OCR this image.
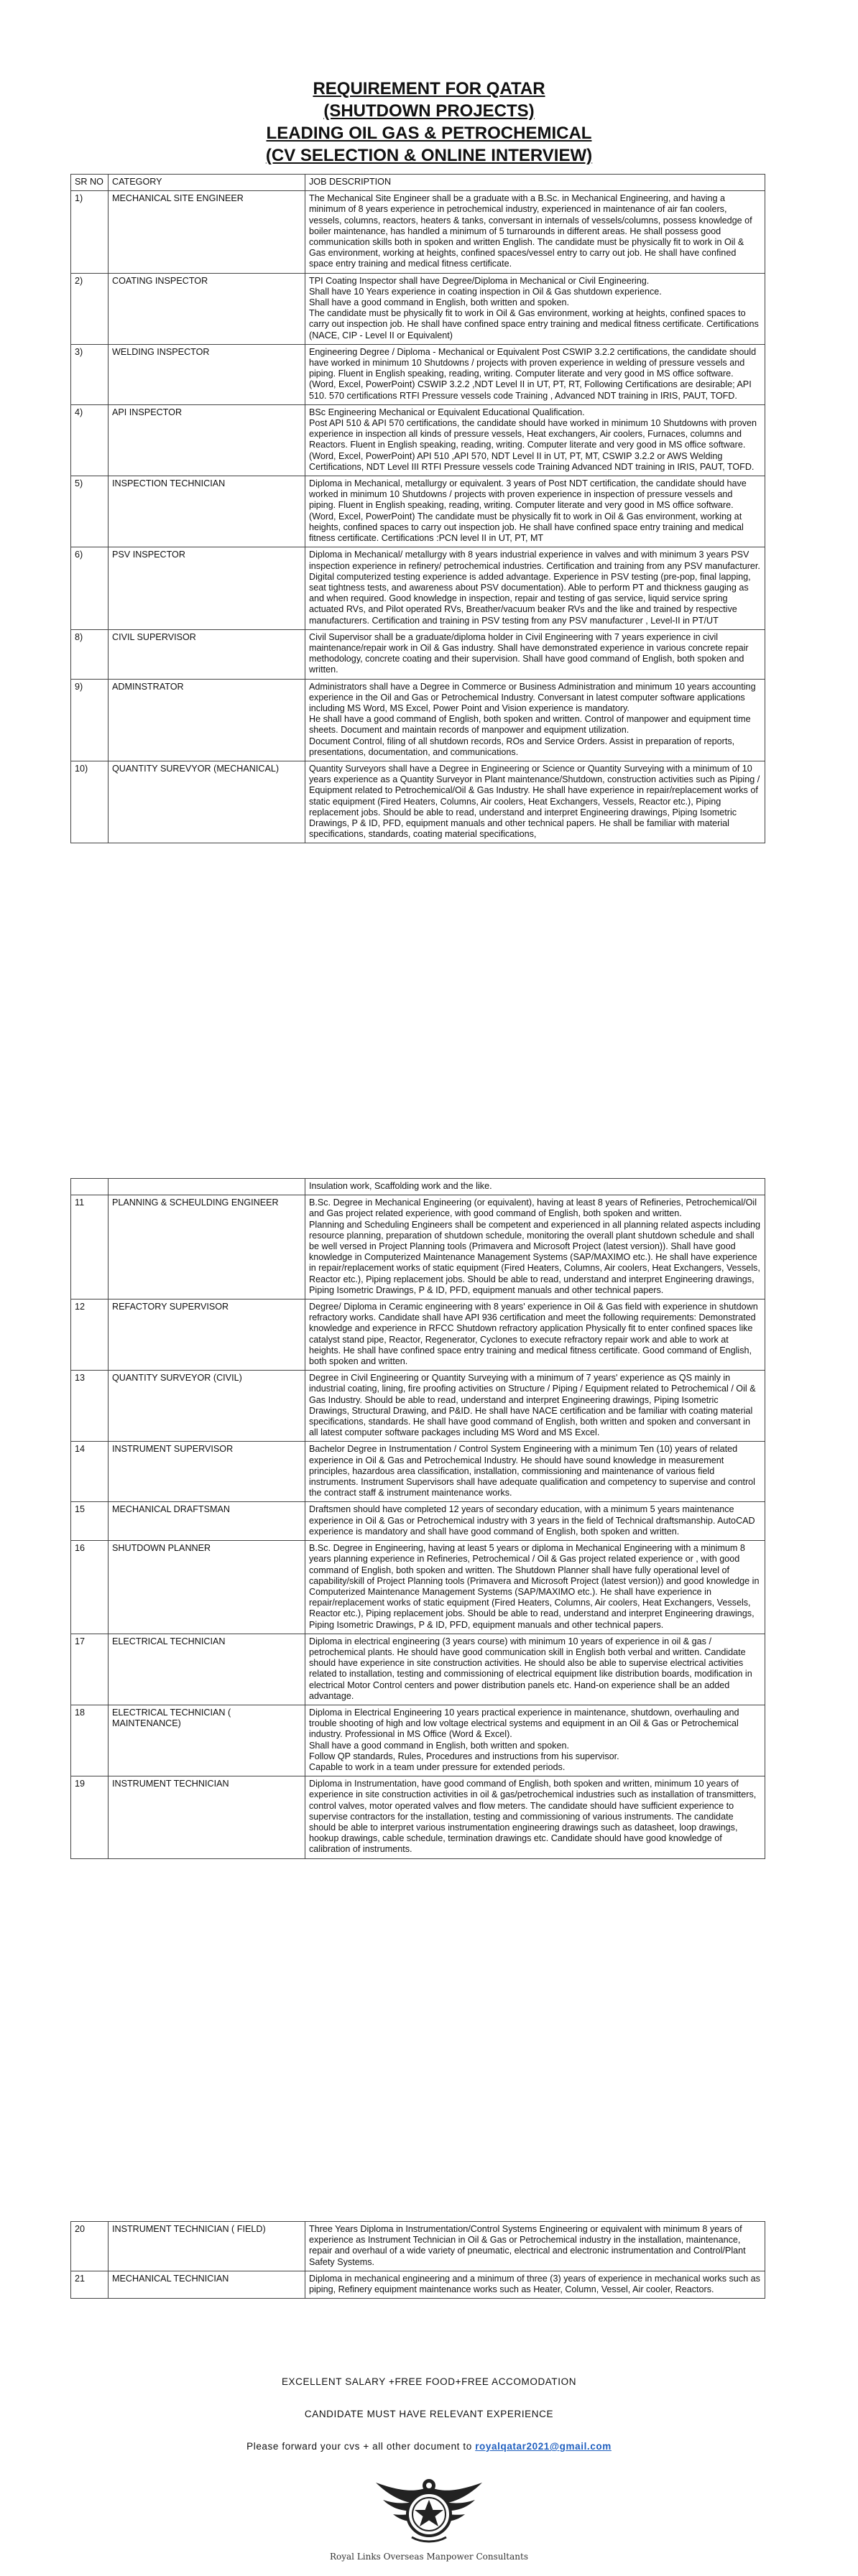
REQUIREMENT FOR QATAR
(SHUTDOWN PROJECTS)
LEADING OIL GAS & PETROCHEMICAL
(CV SELECTION & ONLINE INTERVIEW)
SR NO	CATEGORY	JOB DESCRIPTION
1)	MECHANICAL SITE ENGINEER	The Mechanical Site Engineer shall be a graduate with a B.Sc. in Mechanical Engineering, and having a minimum of 8 years experience in petrochemical industry, experienced in maintenance of air fan coolers, vessels, columns, reactors, heaters & tanks, conversant in internals of vessels/columns, possess knowledge of boiler maintenance, has handled a minimum of 5 turnarounds in different areas. He shall possess good communication skills both in spoken and written English. The candidate must be physically fit to work in Oil & Gas environment, working at heights, confined spaces/vessel entry to carry out job. He shall have confined space entry training and medical fitness certificate.
2)	COATING INSPECTOR	TPI Coating Inspector shall have Degree/Diploma in Mechanical or Civil Engineering.
Shall have 10 Years experience in coating inspection in Oil & Gas shutdown experience.
Shall have a good command in English, both written and spoken.
The candidate must be physically fit to work in Oil & Gas environment, working at heights, confined spaces to carry out inspection job. He shall have confined space entry training and medical fitness certificate. Certifications (NACE, CIP - Level II or Equivalent)
3)	WELDING INSPECTOR	Engineering Degree / Diploma - Mechanical or Equivalent Post CSWIP 3.2.2 certifications, the candidate should have worked in minimum 10 Shutdowns / projects with proven experience in welding of pressure vessels and piping. Fluent in English speaking, reading, writing. Computer literate and very good in MS office software. (Word, Excel, PowerPoint) CSWIP 3.2.2 ,NDT Level II in UT, PT, RT, Following Certifications are desirable; API 510. 570 certifications RTFI Pressure vessels code Training , Advanced NDT training in IRIS, PAUT, TOFD.
4)	API INSPECTOR	BSc Engineering Mechanical or Equivalent Educational Qualification.
Post API 510 & API 570 certifications, the candidate should have worked in minimum 10 Shutdowns with proven experience in inspection all kinds of pressure vessels, Heat exchangers, Air coolers, Furnaces, columns and Reactors. Fluent in English speaking, reading, writing. Computer literate and very good in MS office software. (Word, Excel, PowerPoint) API 510 ,API 570, NDT Level II in UT, PT, MT, CSWIP 3.2.2 or AWS Welding Certifications, NDT Level III RTFI Pressure vessels code Training Advanced NDT training in IRIS, PAUT, TOFD.
5)	INSPECTION TECHNICIAN	Diploma in Mechanical, metallurgy or equivalent. 3 years of Post NDT certification, the candidate should have worked in minimum 10 Shutdowns / projects with proven experience in inspection of pressure vessels and piping. Fluent in English speaking, reading, writing. Computer literate and very good in MS office software. (Word, Excel, PowerPoint) The candidate must be physically fit to work in Oil & Gas environment, working at heights, confined spaces to carry out inspection job. He shall have confined space entry training and medical fitness certificate. Certifications :PCN level II in UT, PT, MT
6)	PSV INSPECTOR	Diploma in Mechanical/ metallurgy with 8 years industrial experience in valves and with minimum 3 years PSV inspection experience in refinery/ petrochemical industries. Certification and training from any PSV manufacturer. Digital computerized testing experience is added advantage. Experience in PSV testing (pre-pop, final lapping, seat tightness tests, and awareness about PSV documentation). Able to perform PT and thickness gauging as and when required. Good knowledge in inspection, repair and testing of gas service, liquid service spring actuated RVs, and Pilot operated RVs, Breather/vacuum beaker RVs and the like and trained by respective manufacturers. Certification and training in PSV testing from any PSV manufacturer , Level-II in PT/UT
8)	CIVIL SUPERVISOR	Civil Supervisor shall be a graduate/diploma holder in Civil Engineering with 7 years experience in civil maintenance/repair work in Oil & Gas industry. Shall have demonstrated experience in various concrete repair methodology, concrete coating and their supervision. Shall have good command of English, both spoken and written.
9)	ADMINSTRATOR	Administrators shall have a Degree in Commerce or Business Administration and minimum 10 years accounting experience in the Oil and Gas or Petrochemical Industry. Conversant in latest computer software applications including MS Word, MS Excel, Power Point and Vision experience is mandatory.
He shall have a good command of English, both spoken and written. Control of manpower and equipment time sheets. Document and maintain records of manpower and equipment utilization.
Document Control, filing of all shutdown records, ROs and Service Orders. Assist in preparation of reports, presentations, documentation, and communications.
10)	QUANTITY SUREVYOR (MECHANICAL)	Quantity Surveyors shall have a Degree in Engineering or Science or Quantity Surveying with a minimum of 10 years experience as a Quantity Surveyor in Plant maintenance/Shutdown, construction activities such as Piping / Equipment related to Petrochemical/Oil & Gas Industry. He shall have experience in repair/replacement works of static equipment (Fired Heaters, Columns, Air coolers, Heat Exchangers, Vessels, Reactor etc.), Piping replacement jobs. Should be able to read, understand and interpret Engineering drawings, Piping Isometric Drawings, P & ID, PFD, equipment manuals and other technical papers. He shall be familiar with material specifications, standards, coating material specifications,
		Insulation work, Scaffolding work and the like.
11	PLANNING & SCHEULDING ENGINEER	B.Sc. Degree in Mechanical Engineering (or equivalent), having at least 8 years of Refineries, Petrochemical/Oil and Gas project related experience, with good command of English, both spoken and written.
Planning and Scheduling Engineers shall be competent and experienced in all planning related aspects including resource planning, preparation of shutdown schedule, monitoring the overall plant shutdown schedule and shall be well versed in Project Planning tools (Primavera and Microsoft Project (latest version)). Shall have good knowledge in Computerized Maintenance Management Systems (SAP/MAXIMO etc.). He shall have experience in repair/replacement works of static equipment (Fired Heaters, Columns, Air coolers, Heat Exchangers, Vessels, Reactor etc.), Piping replacement jobs. Should be able to read, understand and interpret Engineering drawings, Piping Isometric Drawings, P & ID, PFD, equipment manuals and other technical papers.
12	REFACTORY SUPERVISOR	Degree/ Diploma in Ceramic engineering with 8 years' experience in Oil & Gas field with experience in shutdown refractory works. Candidate shall have API 936 certification and meet the following requirements: Demonstrated knowledge and experience in RFCC Shutdown refractory application Physically fit to enter confined spaces like catalyst stand pipe, Reactor, Regenerator, Cyclones to execute refractory repair work and able to work at heights. He shall have confined space entry training and medical fitness certificate. Good command of English, both spoken and written.
13	QUANTITY SURVEYOR (CIVIL)	Degree in Civil Engineering or Quantity Surveying with a minimum of 7 years' experience as QS mainly in industrial coating, lining, fire proofing activities on Structure / Piping / Equipment related to Petrochemical / Oil & Gas Industry. Should be able to read, understand and interpret Engineering drawings, Piping Isometric Drawings, Structural Drawing, and P&ID. He shall have NACE certification and be familiar with coating material specifications, standards. He shall have good command of English, both written and spoken and conversant in all latest computer software packages including MS Word and MS Excel.
14	INSTRUMENT SUPERVISOR	Bachelor Degree in Instrumentation / Control System Engineering with a minimum Ten (10) years of related experience in Oil & Gas and Petrochemical Industry. He should have sound knowledge in measurement principles, hazardous area classification, installation, commissioning and maintenance of various field instruments. Instrument Supervisors shall have adequate qualification and competency to supervise and control the contract staff & instrument maintenance works.
15	MECHANICAL DRAFTSMAN	Draftsmen should have completed 12 years of secondary education, with a minimum 5 years maintenance experience in Oil & Gas or Petrochemical industry with 3 years in the field of Technical draftsmanship. AutoCAD experience is mandatory and shall have good command of English, both spoken and written.
16	SHUTDOWN PLANNER	B.Sc. Degree in Engineering, having at least 5 years or diploma in Mechanical Engineering with a minimum 8 years planning experience in Refineries, Petrochemical / Oil & Gas project related experience or , with good command of English, both spoken and written. The Shutdown Planner shall have fully operational level of capability/skill of Project Planning tools (Primavera and Microsoft Project (latest version)) and good knowledge in Computerized Maintenance Management Systems (SAP/MAXIMO etc.). He shall have experience in repair/replacement works of static equipment (Fired Heaters, Columns, Air coolers, Heat Exchangers, Vessels, Reactor etc.), Piping replacement jobs. Should be able to read, understand and interpret Engineering drawings, Piping Isometric Drawings, P & ID, PFD, equipment manuals and other technical papers.
17	ELECTRICAL TECHNICIAN	Diploma in electrical engineering (3 years course) with minimum 10 years of experience in oil & gas / petrochemical plants. He should have good communication skill in English both verbal and written. Candidate should have experience in site construction activities. He should also be able to supervise electrical activities related to installation, testing and commissioning of electrical equipment like distribution boards, modification in electrical Motor Control centers and power distribution panels etc. Hand-on experience shall be an added advantage.
18	ELECTRICAL TECHNICIAN ( MAINTENANCE)	Diploma in Electrical Engineering 10 years practical experience in maintenance, shutdown, overhauling and trouble shooting of high and low voltage electrical systems and equipment in an Oil & Gas or Petrochemical industry. Professional in MS Office (Word & Excel).
Shall have a good command in English, both written and spoken.
Follow QP standards, Rules, Procedures and instructions from his supervisor.
Capable to work in a team under pressure for extended periods.
19	INSTRUMENT TECHNICIAN	Diploma in Instrumentation, have good command of English, both spoken and written, minimum 10 years of experience in site construction activities in oil & gas/petrochemical industries such as installation of transmitters, control valves, motor operated valves and flow meters. The candidate should have sufficient experience to supervise contractors for the installation, testing and commissioning of various instruments. The candidate should be able to interpret various instrumentation engineering drawings such as datasheet, loop drawings, hookup drawings, cable schedule, termination drawings etc. Candidate should have good knowledge of calibration of instruments.
20	INSTRUMENT TECHNICIAN ( FIELD)	Three Years Diploma in Instrumentation/Control Systems Engineering or equivalent with minimum 8 years of experience as Instrument Technician in Oil & Gas or Petrochemical industry in the installation, maintenance, repair and overhaul of a wide variety of pneumatic, electrical and electronic instrumentation and Control/Plant Safety Systems.
21	MECHANICAL TECHNICIAN	Diploma in mechanical engineering and a minimum of three (3) years of experience in mechanical works such as piping, Refinery equipment maintenance works such as Heater, Column, Vessel, Air cooler, Reactors.
EXCELLENT SALARY +FREE FOOD+FREE ACCOMODATION
CANDIDATE MUST HAVE RELEVANT EXPERIENCE
Please forward your cvs + all other document to royalqatar2021@gmail.com
Royal Links Overseas Manpower Consultants
